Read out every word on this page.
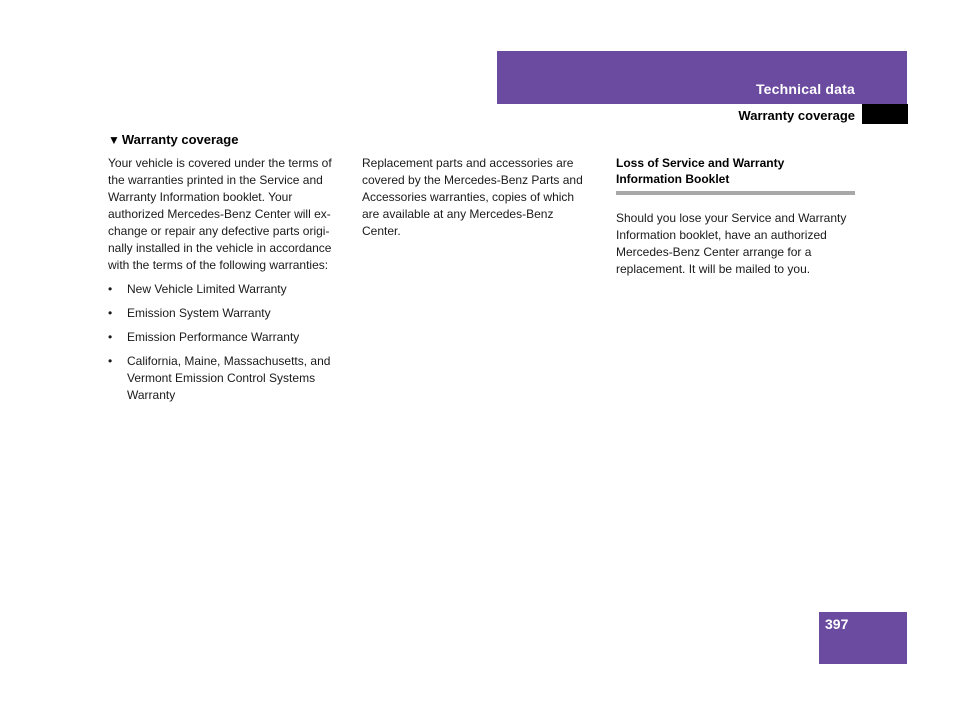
Technical data
Warranty coverage
▼ Warranty coverage

Your vehicle is covered under the terms of
the warranties printed in the Service and
Warranty Information booklet. Your
authorized Mercedes-Benz Center will ex-
change or repair any defective parts origi-
nally installed in the vehicle in accordance
with the terms of the following warranties:

• New Vehicle Limited Warranty
• Emission System Warranty
• Emission Performance Warranty
• California, Maine, Massachusetts, and
Vermont Emission Control Systems
Warranty

Replacement parts and accessories are
covered by the Mercedes-Benz Parts and
Accessories warranties, copies of which
are available at any Mercedes-Benz
Center.

Loss of Service and Warranty
Information Booklet

Should you lose your Service and Warranty
Information booklet, have an authorized
Mercedes-Benz Center arrange for a
replacement. It will be mailed to you.

397
